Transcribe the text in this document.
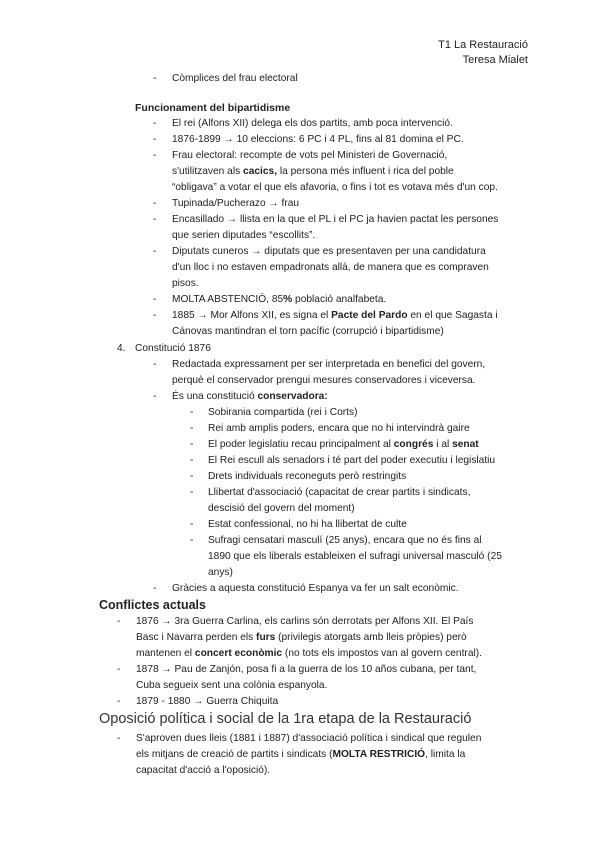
T1 La Restauració
Teresa Mialet
- Còmplices del frau electoral
Funcionament del bipartidisme
- El rei (Alfons XII) delega els dos partits, amb poca intervenció.
- 1876-1899 → 10 eleccions: 6 PC i 4 PL, fins al 81 domina el PC.
- Frau electoral: recompte de vots pel Ministeri de Governació,
s'utilitzaven als cacics, la persona més influent i rica del poble
“obligava” a votar el que els afavoria, o fins i tot es votava més d'un cop.
- Tupinada/Pucherazo → frau
- Encasillado → llista en la que el PL i el PC ja havien pactat les persones
que serien diputades “escollits”.
- Diputats cuneros → diputats que es presentaven per una candidatura
d'un lloc i no estaven empadronats allà, de manera que es compraven
pisos.
- MOLTA ABSTENCIÓ, 85% població analfabeta.
- 1885 → Mor Alfons XII, es signa el Pacte del Pardo en el que Sagasta i
Cánovas mantindran el torn pacífic (corrupció i bipartidisme)
4. Constitució 1876
- Redactada expressament per ser interpretada en benefici del govern,
perquè el conservador prengui mesures conservadores i viceversa.
- És una constitució conservadora:
- Sobirania compartida (rei i Corts)
- Rei amb amplis poders, encara que no hi intervindrà gaire
- El poder legislatiu recau principalment al congrés i al senat
- El Rei escull als senadors i té part del poder executiu i legislatiu
- Drets individuals reconeguts però restringits
- Llibertat d'associació (capacitat de crear partits i sindicats,
descisió del govern del moment)
- Estat confessional, no hi ha llibertat de culte
- Sufragi censatari masculí (25 anys), encara que no és fins al
1890 que els liberals estableixen el sufragi universal masculó (25
anys)
- Gràcies a aquesta constitució Espanya va fer un salt econòmic.
Conflictes actuals
- 1876 → 3ra Guerra Carlina, els carlins són derrotats per Alfons XII. El País
Basc i Navarra perden els furs (privilegis atorgats amb lleis pròpies) però
mantenen el concert econòmic (no tots els impostos van al govern central).
- 1878 → Pau de Zanjón, posa fi a la guerra de los 10 años cubana, per tant,
Cuba segueix sent una colònia espanyola.
- 1879 - 1880 → Guerra Chiquita
Oposició política i social de la 1ra etapa de la Restauració
- S'aproven dues lleis (1881 i 1887) d'associació política i sindical que regulen
els mitjans de creació de partits i sindicats (MOLTA RESTRICIÓ, limita la
capacitat d'acció a l'oposició).
